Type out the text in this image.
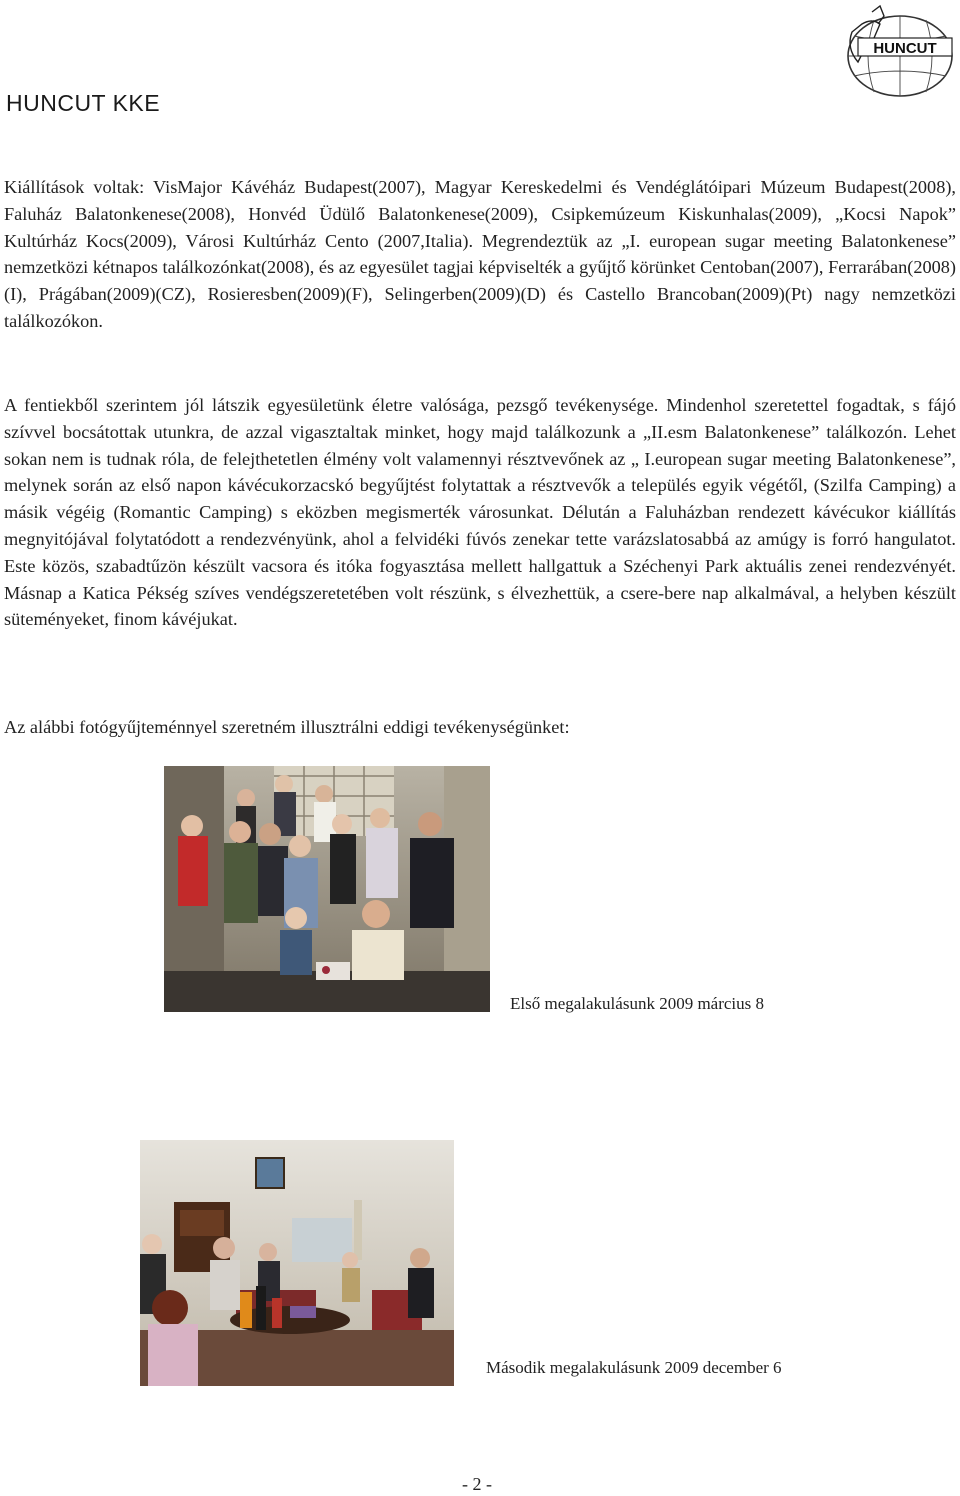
HUNCUT
HUNCUT KKE

Kiállítások voltak: VisMajor Kávéház Budapest(2007), Magyar Kereskedelmi és Vendéglátóipari Múzeum Budapest(2008), Faluház Balatonkenese(2008), Honvéd Üdülő Balatonkenese(2009), Csipkemúzeum Kiskunhalas(2009), „Kocsi Napok” Kultúrház Kocs(2009), Városi Kultúrház Cento (2007,Italia). Megrendeztük az „I. european sugar meeting Balatonkenese” nemzetközi kétnapos találkozónkat(2008), és az egyesület tagjai képviselték a gyűjtő körünket Centoban(2007), Ferrarában(2008)(I), Prágában(2009)(CZ), Rosieresben(2009)(F), Selingerben(2009)(D) és Castello Brancoban(2009)(Pt) nagy nemzetközi találkozókon.

A fentiekből szerintem jól látszik egyesületünk életre valósága, pezsgő tevékenysége. Mindenhol szeretettel fogadtak, s fájó szívvel bocsátottak utunkra, de azzal vigasztaltak minket, hogy majd találkozunk a „II.esm Balatonkenese” találkozón. Lehet sokan nem is tudnak róla, de felejthetetlen élmény volt valamennyi résztvevőnek az „ I.european sugar meeting Balatonkenese”, melynek során az első napon kávécukorzacskó begyűjtést folytattak a résztvevők a település egyik végétől, (Szilfa Camping) a másik végéig (Romantic Camping) s eközben megismerték városunkat. Délután a Faluházban rendezett kávécukor kiállítás megnyitójával folytatódott a rendezvényünk, ahol a felvidéki fúvós zenekar tette varázslatosabbá az amúgy is forró hangulatot. Este közös, szabadtűzön készült vacsora és itóka fogyasztása mellett hallgattuk a Széchenyi Park aktuális zenei rendezvényét. Másnap a Katica Pékség szíves vendégszeretetében volt részünk, s élvezhettük, a csere-bere nap alkalmával, a helyben készült süteményeket, finom kávéjukat.

Az alábbi fotógyűjteménnyel szeretném illusztrálni eddigi tevékenységünket:

Első megalakulásunk 2009 március 8
Második megalakulásunk 2009 december 6
- 2 -
